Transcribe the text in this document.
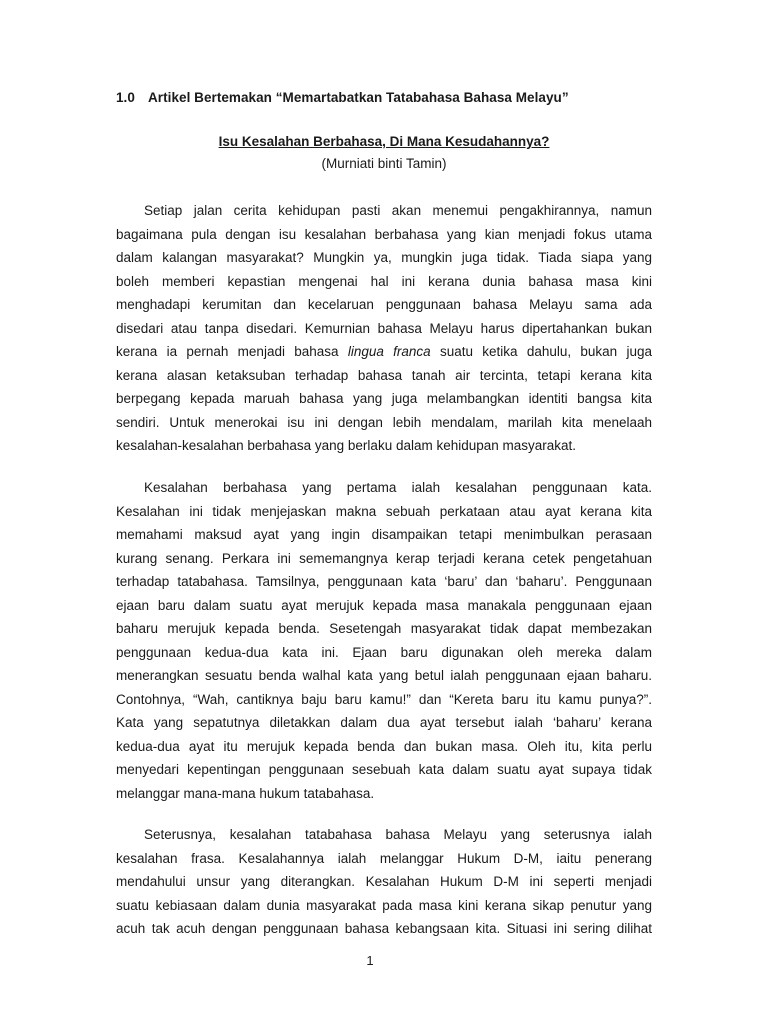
1.0 Artikel Bertemakan “Memartabatkan Tatabahasa Bahasa Melayu”
Isu Kesalahan Berbahasa, Di Mana Kesudahannya?
(Murniati binti Tamin)
Setiap jalan cerita kehidupan pasti akan menemui pengakhirannya, namun
bagaimana pula dengan isu kesalahan berbahasa yang kian menjadi fokus utama
dalam kalangan masyarakat? Mungkin ya, mungkin juga tidak. Tiada siapa yang
boleh memberi kepastian mengenai hal ini kerana dunia bahasa masa kini
menghadapi kerumitan dan kecelaruan penggunaan bahasa Melayu sama ada
disedari atau tanpa disedari. Kemurnian bahasa Melayu harus dipertahankan bukan
kerana ia pernah menjadi bahasa lingua franca suatu ketika dahulu, bukan juga
kerana alasan ketaksuban terhadap bahasa tanah air tercinta, tetapi kerana kita
berpegang kepada maruah bahasa yang juga melambangkan identiti bangsa kita
sendiri. Untuk menerokai isu ini dengan lebih mendalam, marilah kita menelaah
kesalahan-kesalahan berbahasa yang berlaku dalam kehidupan masyarakat.
Kesalahan berbahasa yang pertama ialah kesalahan penggunaan kata.
Kesalahan ini tidak menjejaskan makna sebuah perkataan atau ayat kerana kita
memahami maksud ayat yang ingin disampaikan tetapi menimbulkan perasaan
kurang senang. Perkara ini sememangnya kerap terjadi kerana cetek pengetahuan
terhadap tatabahasa. Tamsilnya, penggunaan kata ‘baru’ dan ‘baharu’. Penggunaan
ejaan baru dalam suatu ayat merujuk kepada masa manakala penggunaan ejaan
baharu merujuk kepada benda. Sesetengah masyarakat tidak dapat membezakan
penggunaan kedua-dua kata ini. Ejaan baru digunakan oleh mereka dalam
menerangkan sesuatu benda walhal kata yang betul ialah penggunaan ejaan baharu.
Contohnya, “Wah, cantiknya baju baru kamu!” dan “Kereta baru itu kamu punya?”.
Kata yang sepatutnya diletakkan dalam dua ayat tersebut ialah ‘baharu’ kerana
kedua-dua ayat itu merujuk kepada benda dan bukan masa. Oleh itu, kita perlu
menyedari kepentingan penggunaan sesebuah kata dalam suatu ayat supaya tidak
melanggar mana-mana hukum tatabahasa.
Seterusnya, kesalahan tatabahasa bahasa Melayu yang seterusnya ialah
kesalahan frasa. Kesalahannya ialah melanggar Hukum D-M, iaitu penerang
mendahului unsur yang diterangkan. Kesalahan Hukum D-M ini seperti menjadi
suatu kebiasaan dalam dunia masyarakat pada masa kini kerana sikap penutur yang
acuh tak acuh dengan penggunaan bahasa kebangsaan kita. Situasi ini sering dilihat
1
